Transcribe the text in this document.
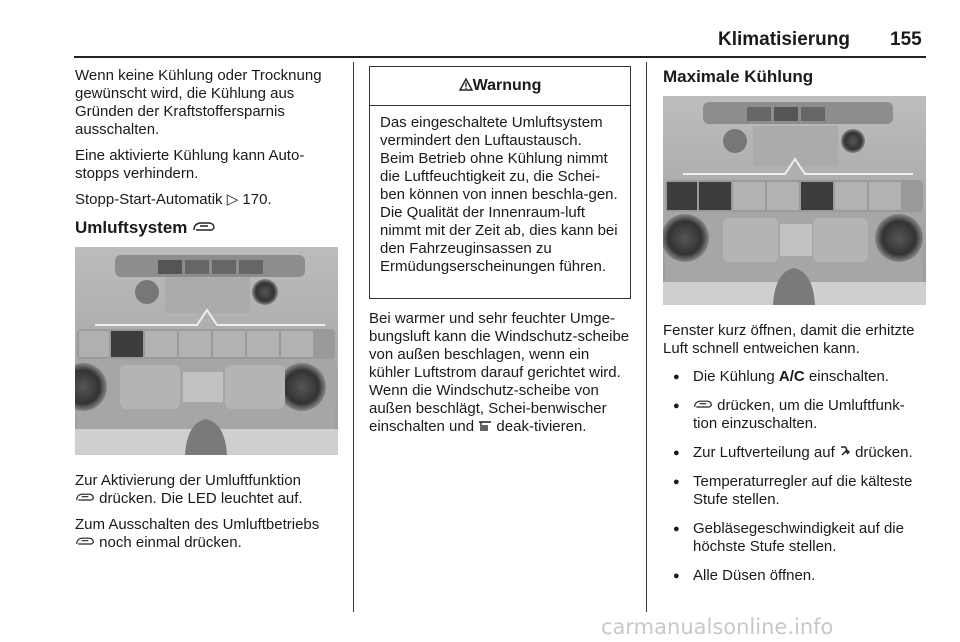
Klimatisierung 155

Wenn keine Kühlung oder Trocknung gewünscht wird, die Kühlung aus Gründen der Kraftstoffersparnis ausschalten.

Eine aktivierte Kühlung kann Auto-stopps verhindern.

Stopp-Start-Automatik ▷ 170.

Umluftsystem

Zur Aktivierung der Umluftfunktion
drücken. Die LED leuchtet auf.

Zum Ausschalten des Umluftbetriebs
noch einmal drücken.

Warnung
Das eingeschaltete Umluftsystem vermindert den Luftaustausch. Beim Betrieb ohne Kühlung nimmt die Luftfeuchtigkeit zu, die Schei-ben können von innen beschla-gen. Die Qualität der Innenraum-luft nimmt mit der Zeit ab, dies kann bei den Fahrzeuginsassen zu Ermüdungserscheinungen führen.

Bei warmer und sehr feuchter Umge-bungsluft kann die Windschutz-scheibe von außen beschlagen, wenn ein kühler Luftstrom darauf gerichtet wird. Wenn die Windschutz-scheibe von außen beschlägt, Schei-benwischer einschalten und  deak-tivieren.

Maximale Kühlung

Fenster kurz öffnen, damit die erhitzte Luft schnell entweichen kann.

● Die Kühlung A/C einschalten.
● drücken, um die Umluftfunk-tion einzuschalten.
● Zur Luftverteilung auf  drücken.
● Temperaturregler auf die kälteste Stufe stellen.
● Gebläsegeschwindigkeit auf die höchste Stufe stellen.
● Alle Düsen öffnen.
carmanualsonline.info
